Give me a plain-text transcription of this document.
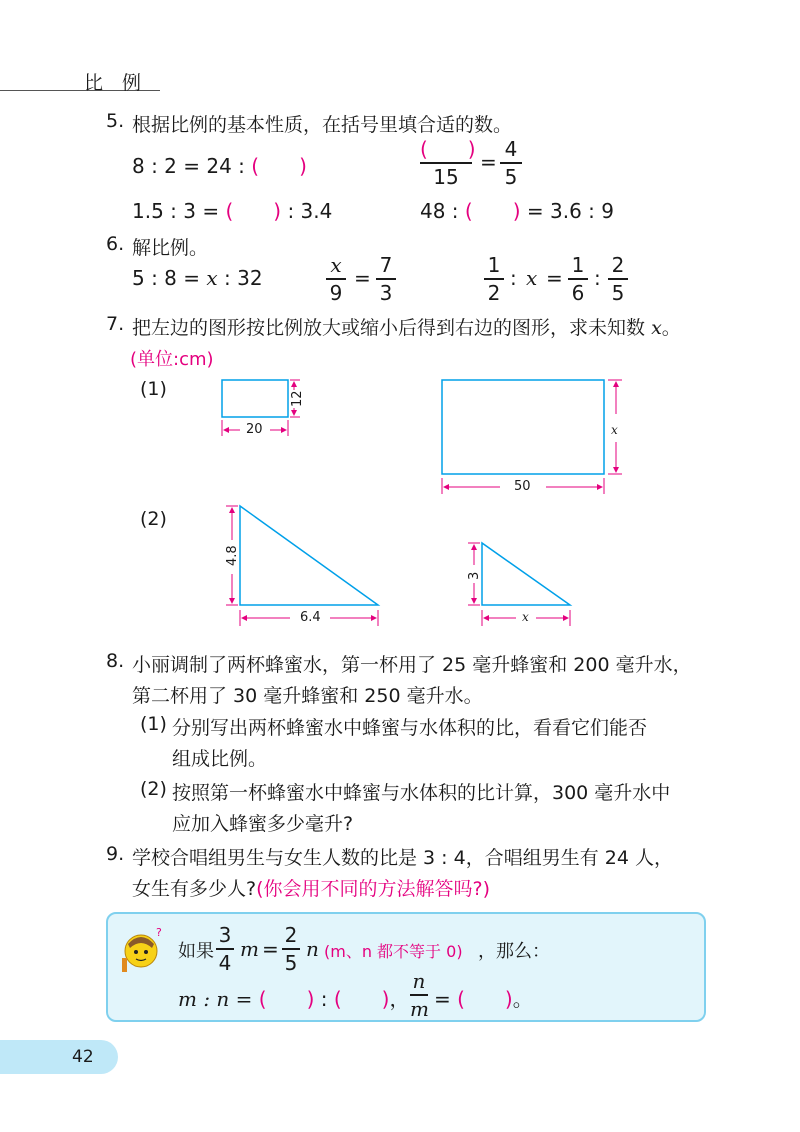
比　例
5. 根据比例的基本性质，在括号里填合适的数。
8 : 2 = 24 : (　　)
(　　)
15
=
4
5
1.5 : 3 = (　　) : 3.4	48 : (　　) = 3.6 : 9
6. 解比例。
5 : 8 = x : 32
x
9
=
7
3
1
2
: x =
1
6
:
2
5
7. 把左边的图形按比例放大或缩小后得到右边的图形，求未知数 x。
(单位:cm)
(1)
(2)
20
12
50
x
4.8
6.4
3
x
8. 小丽调制了两杯蜂蜜水，第一杯用了 25 毫升蜂蜜和 200 毫升水，
第二杯用了 30 毫升蜂蜜和 250 毫升水。
(1) 分别写出两杯蜂蜜水中蜂蜜与水体积的比，看看它们能否
组成比例。
(2) 按照第一杯蜂蜜水中蜂蜜与水体积的比计算，300 毫升水中
应加入蜂蜜多少毫升?
9. 学校合唱组男生与女生人数的比是 3 : 4，合唱组男生有 24 人，
女生有多少人?(你会用不同的方法解答吗?)
?
如果
3
4
m =
2
5
n (m、n 都不等于 0) ，那么：
m : n = (　　) : (　　)，
n
m = (　　)。
42
